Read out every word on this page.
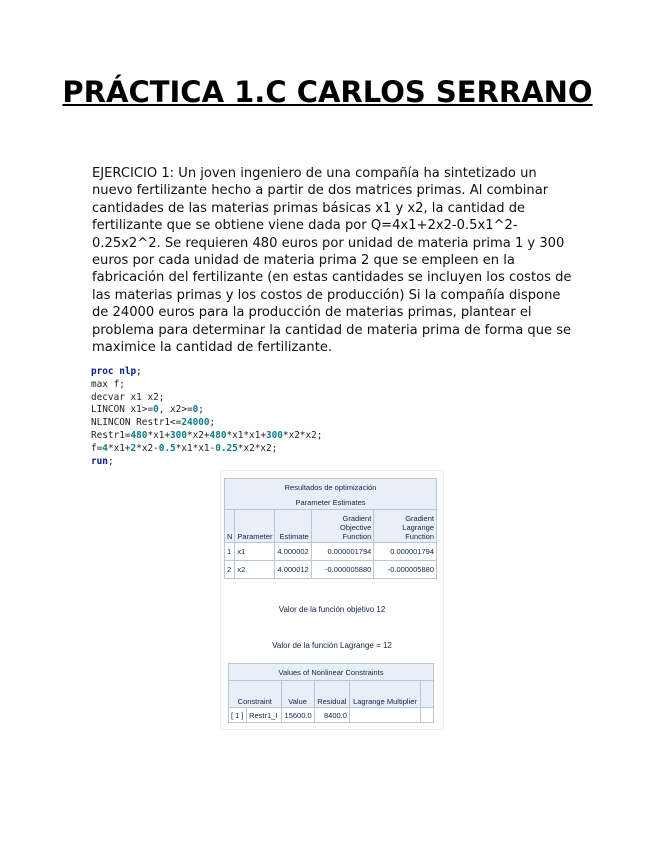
PRÁCTICA 1.C CARLOS SERRANO
EJERCICIO 1: Un joven ingeniero de una compañía ha sintetizado un nuevo fertilizante hecho a partir de dos matrices primas. Al combinar cantidades de las materias primas básicas x1 y x2, la cantidad de fertilizante que se obtiene viene dada por Q=4x1+2x2-0.5x1^2-0.25x2^2. Se requieren 480 euros por unidad de materia prima 1 y 300 euros por cada unidad de materia prima 2 que se empleen en la fabricación del fertilizante (en estas cantidades se incluyen los costos de las materias primas y los costos de producción) Si la compañía dispone de 24000 euros para la producción de materias primas, plantear el problema para determinar la cantidad de materia prima de forma que se maximice la cantidad de fertilizante.
proc nlp;
max f;
decvar x1 x2;
LINCON x1>=0, x2>=0;
NLINCON Restr1<=24000;
Restr1=480*x1+300*x2+480*x1*x1+300*x2*x2;
f=4*x1+2*x2-0.5*x1*x1-0.25*x2*x2;
run;
Resultados de optimización				
Parameter Estimates				
N	Parameter	Estimate	Gradient Objective Function	Gradient Lagrange Function
1	x1	4.000002	0.000001794	0.000001794
2	x2	4.000012	-0.000005880	-0.000005880
Valor de la función objetivo 12
Valor de la función Lagrange = 12
Values of Nonlinear Constraints					
Constraint		Value	Residual	Lagrange Multiplier	
[ 1 ]	Restr1_I	15600.0	8400.0		
